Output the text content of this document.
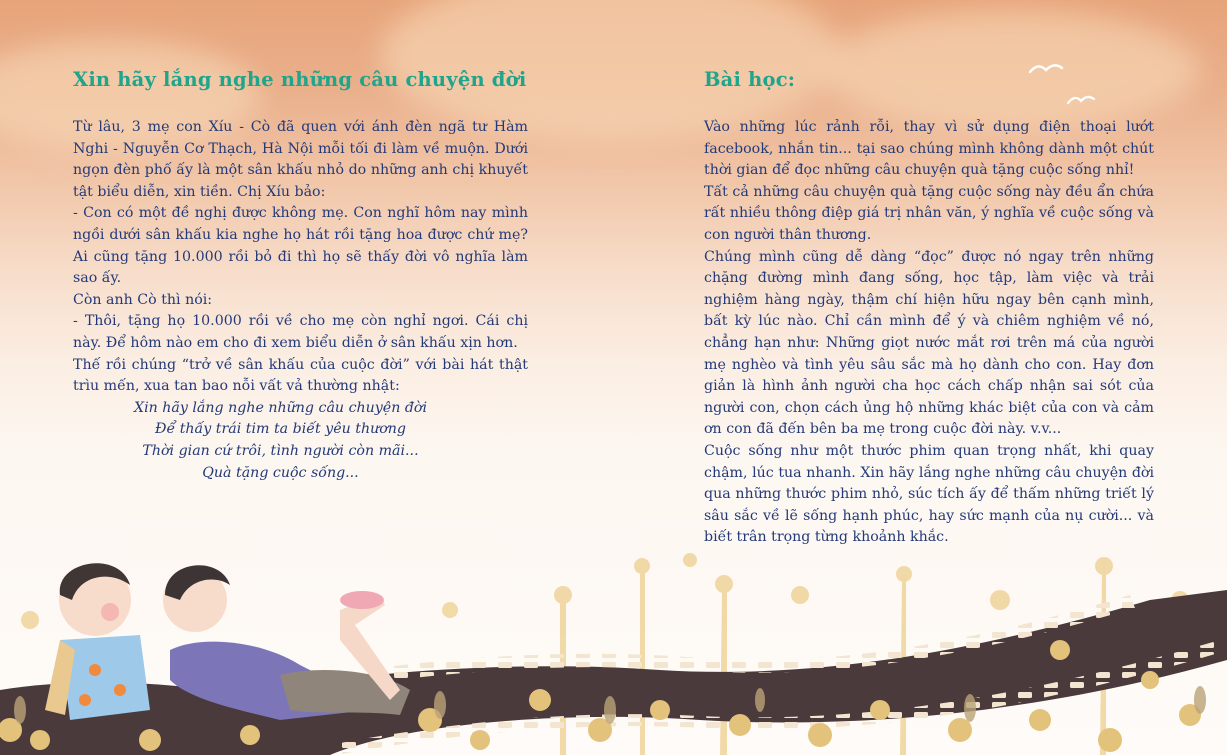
Xin hãy lắng nghe những câu chuyện đời

Từ lâu, 3 mẹ con Xíu - Cò đã quen với ánh đèn ngã tư Hàm Nghi - Nguyễn Cơ Thạch, Hà Nội mỗi tối đi làm về muộn. Dưới ngọn đèn phố ấy là một sân khấu nhỏ do những anh chị khuyết tật biểu diễn, xin tiền. Chị Xíu bảo:

- Con có một đề nghị được không mẹ. Con nghĩ hôm nay mình ngồi dưới sân khấu kia nghe họ hát rồi tặng hoa được chứ mẹ? Ai cũng tặng 10.000 rồi bỏ đi thì họ sẽ thấy đời vô nghĩa làm sao ấy.

Còn anh Cò thì nói:

- Thôi, tặng họ 10.000 rồi về cho mẹ còn nghỉ ngơi. Cái chị này. Để hôm nào em cho đi xem biểu diễn ở sân khấu xịn hơn.

Thế rồi chúng “trở về sân khấu của cuộc đời” với bài hát thật trìu mến, xua tan bao nỗi vất vả thường nhật:

Xin hãy lắng nghe những câu chuyện đời

Để thấy trái tim ta biết yêu thương

Thời gian cứ trôi, tình người còn mãi...

Quà tặng cuộc sống...

Bài học:

Vào những lúc rảnh rỗi, thay vì sử dụng điện thoại lướt facebook, nhắn tin... tại sao chúng mình không dành một chút thời gian để đọc những câu chuyện quà tặng cuộc sống nhỉ!

Tất cả những câu chuyện quà tặng cuộc sống này đều ẩn chứa rất nhiều thông điệp giá trị nhân văn, ý nghĩa về cuộc sống và con người thân thương.

Chúng mình cũng dễ dàng “đọc” được nó ngay trên những chặng đường mình đang sống, học tập, làm việc và trải nghiệm hàng ngày, thậm chí hiện hữu ngay bên cạnh mình, bất kỳ lúc nào. Chỉ cần mình để ý và chiêm nghiệm về nó, chẳng hạn như: Những giọt nước mắt rơi trên má của người mẹ nghèo và tình yêu sâu sắc mà họ dành cho con. Hay đơn giản là hình ảnh người cha học cách chấp nhận sai sót của người con, chọn cách ủng hộ những khác biệt của con và cảm ơn con đã đến bên ba mẹ trong cuộc đời này. v.v...

Cuộc sống như một thước phim quan trọng nhất, khi quay chậm, lúc tua nhanh. Xin hãy lắng nghe những câu chuyện đời qua những thước phim nhỏ, súc tích ấy để thấm những triết lý sâu sắc về lẽ sống hạnh phúc, hay sức mạnh của nụ cười... và biết trân trọng từng khoảnh khắc.
